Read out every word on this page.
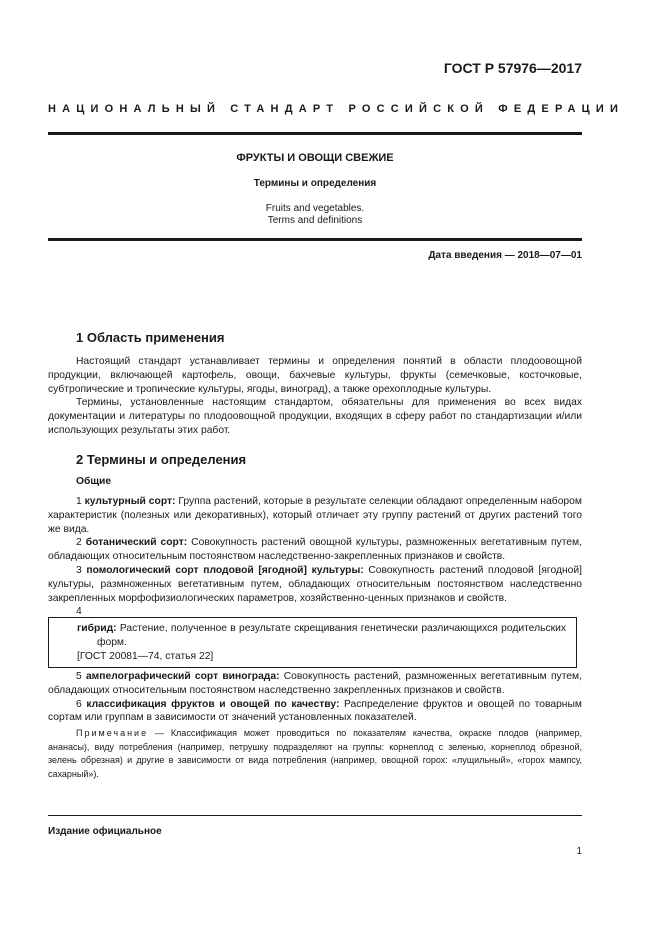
ГОСТ Р 57976—2017
НАЦИОНАЛЬНЫЙ СТАНДАРТ РОССИЙСКОЙ ФЕДЕРАЦИИ
ФРУКТЫ И ОВОЩИ СВЕЖИЕ
Термины и определения
Fruits and vegetables.
Terms and definitions
Дата введения — 2018—07—01
1 Область применения

Настоящий стандарт устанавливает термины и определения понятий в области плодоовощной продукции, включающей картофель, овощи, бахчевые культуры, фрукты (семечковые, косточковые, субтропические и тропические культуры, ягоды, виноград), а также орехоплодные культуры.

Термины, установленные настоящим стандартом, обязательны для применения во всех видах документации и литературы по плодоовощной продукции, входящих в сферу работ по стандартизации и/или использующих результаты этих работ.

2 Термины и определения
Общие

1 культурный сорт: Группа растений, которые в результате селекции обладают определенным набором характеристик (полезных или декоративных), который отличает эту группу растений от других растений того же вида.

2 ботанический сорт: Совокупность растений овощной культуры, размноженных вегетативным путем, обладающих относительным постоянством наследственно-закрепленных признаков и свойств.

3 помологический сорт плодовой [ягодной] культуры: Совокупность растений плодовой [ягодной] культуры, размноженных вегетативным путем, обладающих относительным постоянством наследственно закрепленных морфофизиологических параметров, хозяйственно-ценных признаков и свойств.

4

гибрид: Растение, полученное в результате скрещивания генетически различающихся родительских форм.

[ГОСТ 20081—74, статья 22]

5 ампелографический сорт винограда: Совокупность растений, размноженных вегетативным путем, обладающих относительным постоянством наследственно закрепленных признаков и свойств.

6 классификация фруктов и овощей по качеству: Распределение фруктов и овощей по товарным сортам или группам в зависимости от значений установленных показателей.

Примечание — Классификация может проводиться по показателям качества, окраске плодов (например, ананасы), виду потребления (например, петрушку подразделяют на группы: корнеплод с зеленью, корнеплод обрезной, зелень обрезная) и другие в зависимости от вида потребления (например, овощной горох: «лущильный», «горох мампсу, сахарный»).

Издание официальное
1
